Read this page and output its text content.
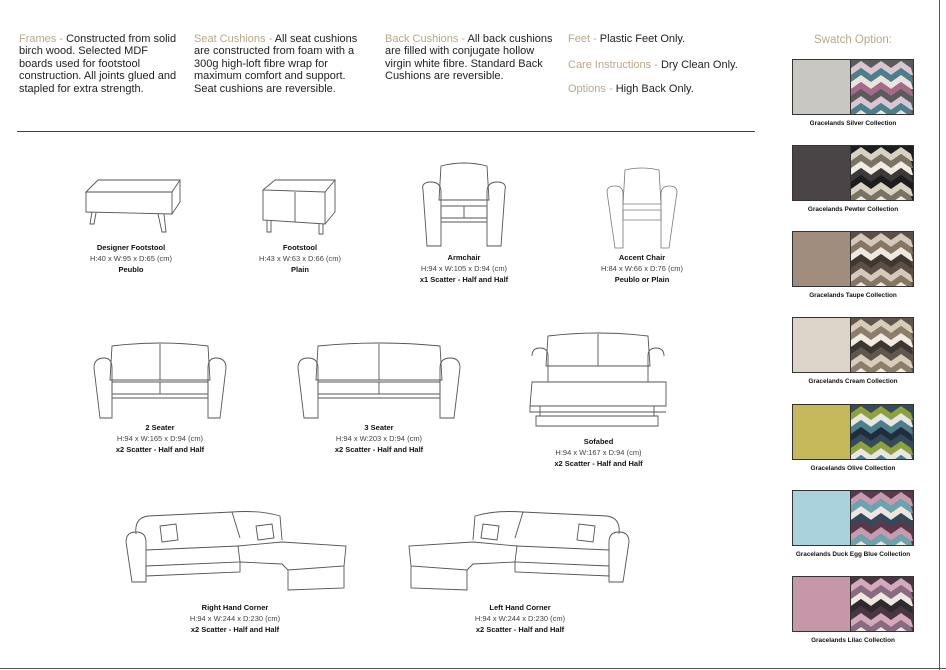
Frames - Constructed from solid birch wood. Selected MDF boards used for footstool construction. All joints glued and stapled for extra strength.
Seat Cushions - All seat cushions are constructed from foam with a 300g high-loft fibre wrap for maximum comfort and support. Seat cushions are reversible.
Back Cushions - All back cushions are filled with conjugate hollow virgin white fibre. Standard Back Cushions are reversible.
Feet - Plastic Feet Only.
Care Instructions - Dry Clean Only.
Options - High Back Only.
Designer Footstool
H:40 x W:95 x D:65 (cm)
Peublo
Footstool
H:43 x W:63 x D:66 (cm)
Plain
Armchair
H:94 x W:105 x D:94 (cm)
x1 Scatter - Half and Half
Accent Chair
H:84 x W:66 x D:76 (cm)
Peublo or Plain
2 Seater
H:94 x W:165 x D:94 (cm)
x2 Scatter - Half and Half
3 Seater
H:94 x W:203 x D:94 (cm)
x2 Scatter - Half and Half
Sofabed
H:94 x W:167 x D:94 (cm)
x2 Scatter - Half and Half
Right Hand Corner
H:94 x W:244 x D:230 (cm)
x2 Scatter - Half and Half
Left Hand Corner
H:94 x W:244 x D:230 (cm)
x2 Scatter - Half and Half
Swatch Option:
Gracelands Silver Collection
Gracelands Pewter Collection
Gracelands Taupe Collection
Gracelands Cream Collection
Gracelands Olive Collection
Gracelands Duck Egg Blue Collection
Gracelands Lilac Collection
